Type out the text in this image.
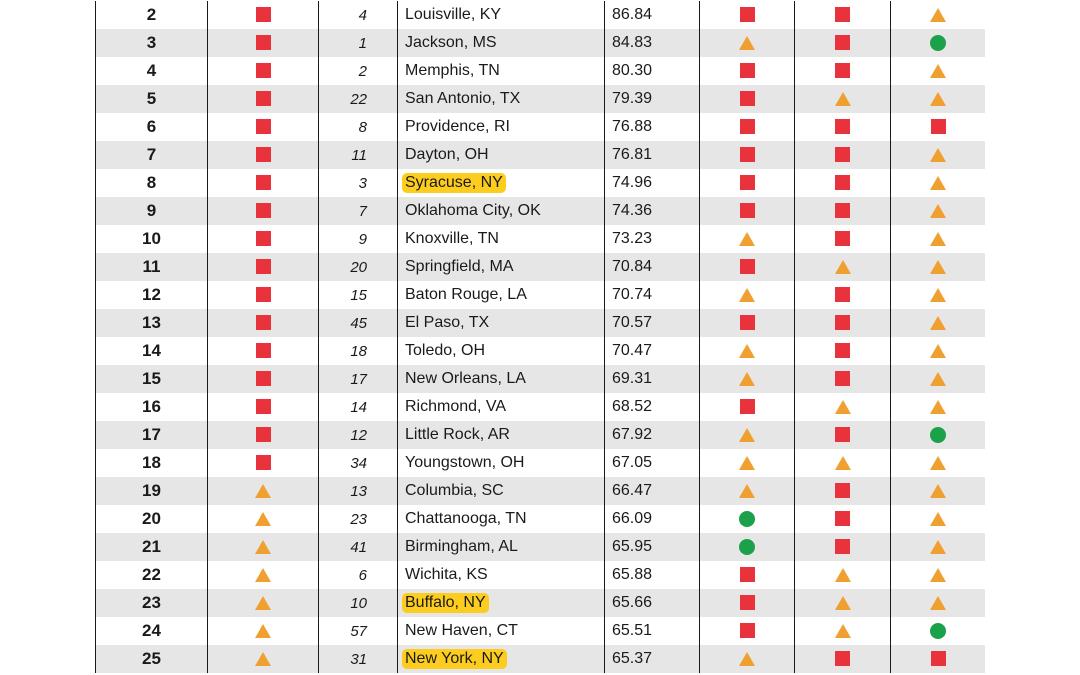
2		4	Louisville, KY	86.84			
3		1	Jackson, MS	84.83			
4		2	Memphis, TN	80.30			
5		22	San Antonio, TX	79.39			
6		8	Providence, RI	76.88			
7		11	Dayton, OH	76.81			
8		3	Syracuse, NY	74.96			
9		7	Oklahoma City, OK	74.36			
10		9	Knoxville, TN	73.23			
11		20	Springfield, MA	70.84			
12		15	Baton Rouge, LA	70.74			
13		45	El Paso, TX	70.57			
14		18	Toledo, OH	70.47			
15		17	New Orleans, LA	69.31			
16		14	Richmond, VA	68.52			
17		12	Little Rock, AR	67.92			
18		34	Youngstown, OH	67.05			
19		13	Columbia, SC	66.47			
20		23	Chattanooga, TN	66.09			
21		41	Birmingham, AL	65.95			
22		6	Wichita, KS	65.88			
23		10	Buffalo, NY	65.66			
24		57	New Haven, CT	65.51			
25		31	New York, NY	65.37			
